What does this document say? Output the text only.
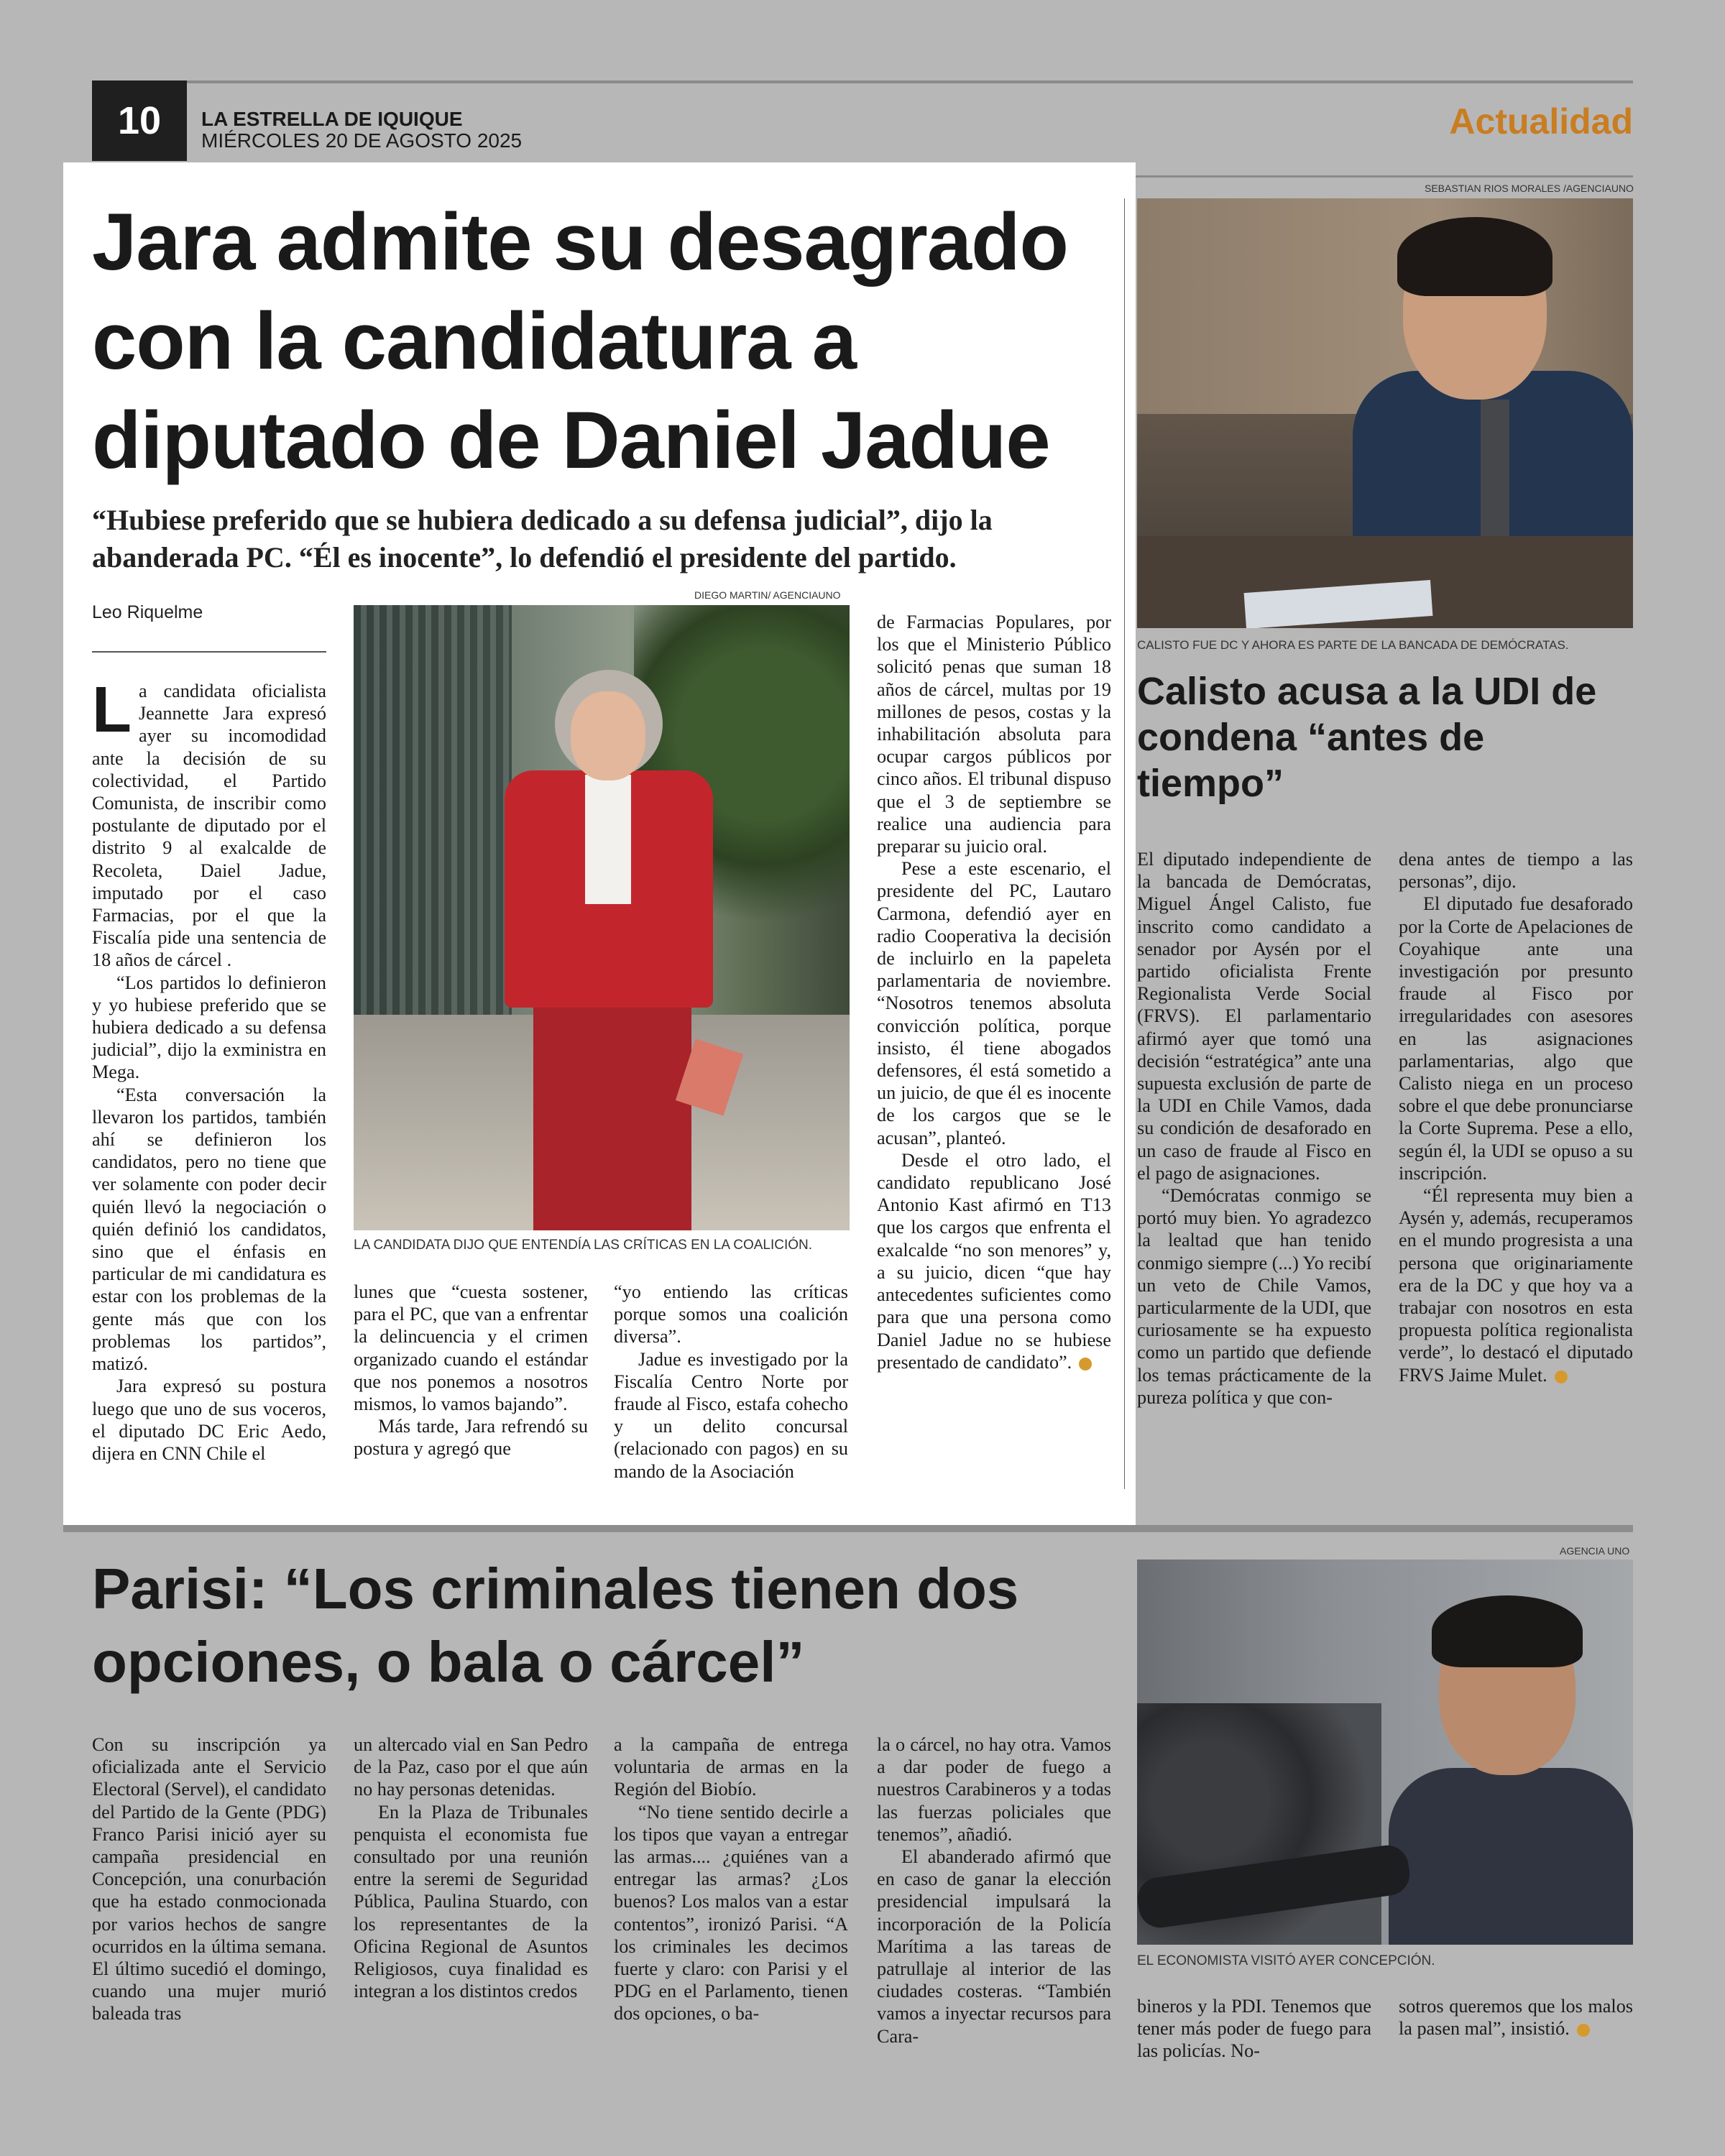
10	LA ESTRELLA DE IQUIQUE
MIÉRCOLES 20 DE AGOSTO 2025	Actualidad
Jara admite su desagrado con la candidatura a diputado de Daniel Jadue
“Hubiese preferido que se hubiera dedicado a su defensa judicial”, dijo la abanderada PC. “Él es inocente”, lo defendió el presidente del partido.
Leo Riquelme

La candidata oficialista Jeannette Jara expresó ayer su incomodidad ante la decisión de su colectividad, el Partido Comunista, de inscribir como postulante de diputado por el distrito 9 al exalcalde de Recoleta, Daiel Jadue, imputado por el caso Farmacias, por el que la Fiscalía pide una sentencia de 18 años de cárcel .

“Los partidos lo definieron y yo hubiese preferido que se hubiera dedicado a su defensa judicial”, dijo la exministra en Mega.

“Esta conversación la llevaron los partidos, también ahí se definieron los candidatos, pero no tiene que ver solamente con poder decir quién llevó la negociación o quién definió los candidatos, sino que el énfasis en particular de mi candidatura es estar con los problemas de la gente más que con los problemas los partidos”, matizó.

Jara expresó su postura luego que uno de sus voceros, el diputado DC Eric Aedo, dijera en CNN Chile el

DIEGO MARTIN/ AGENCIAUNO
LA CANDIDATA DIJO QUE ENTENDÍA LAS CRÍTICAS EN LA COALICIÓN.

lunes que “cuesta sostener, para el PC, que van a enfrentar la delincuencia y el crimen organizado cuando el estándar que nos ponemos a nosotros mismos, lo vamos bajando”.

Más tarde, Jara refrendó su postura y agregó que

“yo entiendo las críticas porque somos una coalición diversa”.

Jadue es investigado por la Fiscalía Centro Norte por fraude al Fisco, estafa cohecho y un delito concursal (relacionado con pagos) en su mando de la Asociación

de Farmacias Populares, por los que el Ministerio Público solicitó penas que suman 18 años de cárcel, multas por 19 millones de pesos, costas y la inhabilitación absoluta para ocupar cargos públicos por cinco años. El tribunal dispuso que el 3 de septiembre se realice una audiencia para preparar su juicio oral.

Pese a este escenario, el presidente del PC, Lautaro Carmona, defendió ayer en radio Cooperativa la decisión de incluirlo en la papeleta parlamentaria de noviembre. “Nosotros tenemos absoluta convicción política, porque insisto, él tiene abogados defensores, él está sometido a un juicio, de que él es inocente de los cargos que se le acusan”, planteó.

Desde el otro lado, el candidato republicano José Antonio Kast afirmó en T13 que los cargos que enfrenta el exalcalde “no son menores” y, a su juicio, dicen “que hay antecedentes suficientes como para que una persona como Daniel Jadue no se hubiese presentado de candidato”.

SEBASTIAN RIOS MORALES /AGENCIAUNO
CALISTO FUE DC Y AHORA ES PARTE DE LA BANCADA DE DEMÓCRATAS.
Calisto acusa a la UDI de condena “antes de tiempo”

El diputado independiente de la bancada de Demócratas, Miguel Ángel Calisto, fue inscrito como candidato a senador por Aysén por el partido oficialista Frente Regionalista Verde Social (FRVS). El parlamentario afirmó ayer que tomó una decisión “estratégica” ante una supuesta exclusión de parte de la UDI en Chile Vamos, dada su condición de desaforado en un caso de fraude al Fisco en el pago de asignaciones.

“Demócratas conmigo se portó muy bien. Yo agradezco la lealtad que han tenido conmigo siempre (...) Yo recibí un veto de Chile Vamos, particularmente de la UDI, que curiosamente se ha expuesto como un partido que defiende los temas prácticamente de la pureza política y que con-

dena antes de tiempo a las personas”, dijo.

El diputado fue desaforado por la Corte de Apelaciones de Coyahique ante una investigación por presunto fraude al Fisco por irregularidades con asesores en las asignaciones parlamentarias, algo que Calisto niega en un proceso sobre el que debe pronunciarse la Corte Suprema. Pese a ello, según él, la UDI se opuso a su inscripción.

“Él representa muy bien a Aysén y, además, recuperamos en el mundo progresista a una persona que originariamente era de la DC y que hoy va a trabajar con nosotros en esta propuesta política regionalista verde”, lo destacó el diputado FRVS Jaime Mulet.

Parisi: “Los criminales tienen dos opciones, o bala o cárcel”
AGENCIA UNO
EL ECONOMISTA VISITÓ AYER CONCEPCIÓN.

Con su inscripción ya oficializada ante el Servicio Electoral (Servel), el candidato del Partido de la Gente (PDG) Franco Parisi inició ayer su campaña presidencial en Concepción, una conurbación que ha estado conmocionada por varios hechos de sangre ocurridos en la última semana. El último sucedió el domingo, cuando una mujer murió baleada tras

un altercado vial en San Pedro de la Paz, caso por el que aún no hay personas detenidas.

En la Plaza de Tribunales penquista el economista fue consultado por una reunión entre la seremi de Seguridad Pública, Paulina Stuardo, con los representantes de la Oficina Regional de Asuntos Religiosos, cuya finalidad es integran a los distintos credos

a la campaña de entrega voluntaria de armas en la Región del Biobío.

“No tiene sentido decirle a los tipos que vayan a entregar las armas.... ¿quiénes van a entregar las armas? ¿Los buenos? Los malos van a estar contentos”, ironizó Parisi. “A los criminales les decimos fuerte y claro: con Parisi y el PDG en el Parlamento, tienen dos opciones, o ba-

la o cárcel, no hay otra. Vamos a dar poder de fuego a nuestros Carabineros y a todas las fuerzas policiales que tenemos”, añadió.

El abanderado afirmó que en caso de ganar la elección presidencial impulsará la incorporación de la Policía Marítima a las tareas de patrullaje al interior de las ciudades costeras. “También vamos a inyectar recursos para Cara-

bineros y la PDI. Tenemos que tener más poder de fuego para las policías. No-

sotros queremos que los malos la pasen mal”, insistió.
